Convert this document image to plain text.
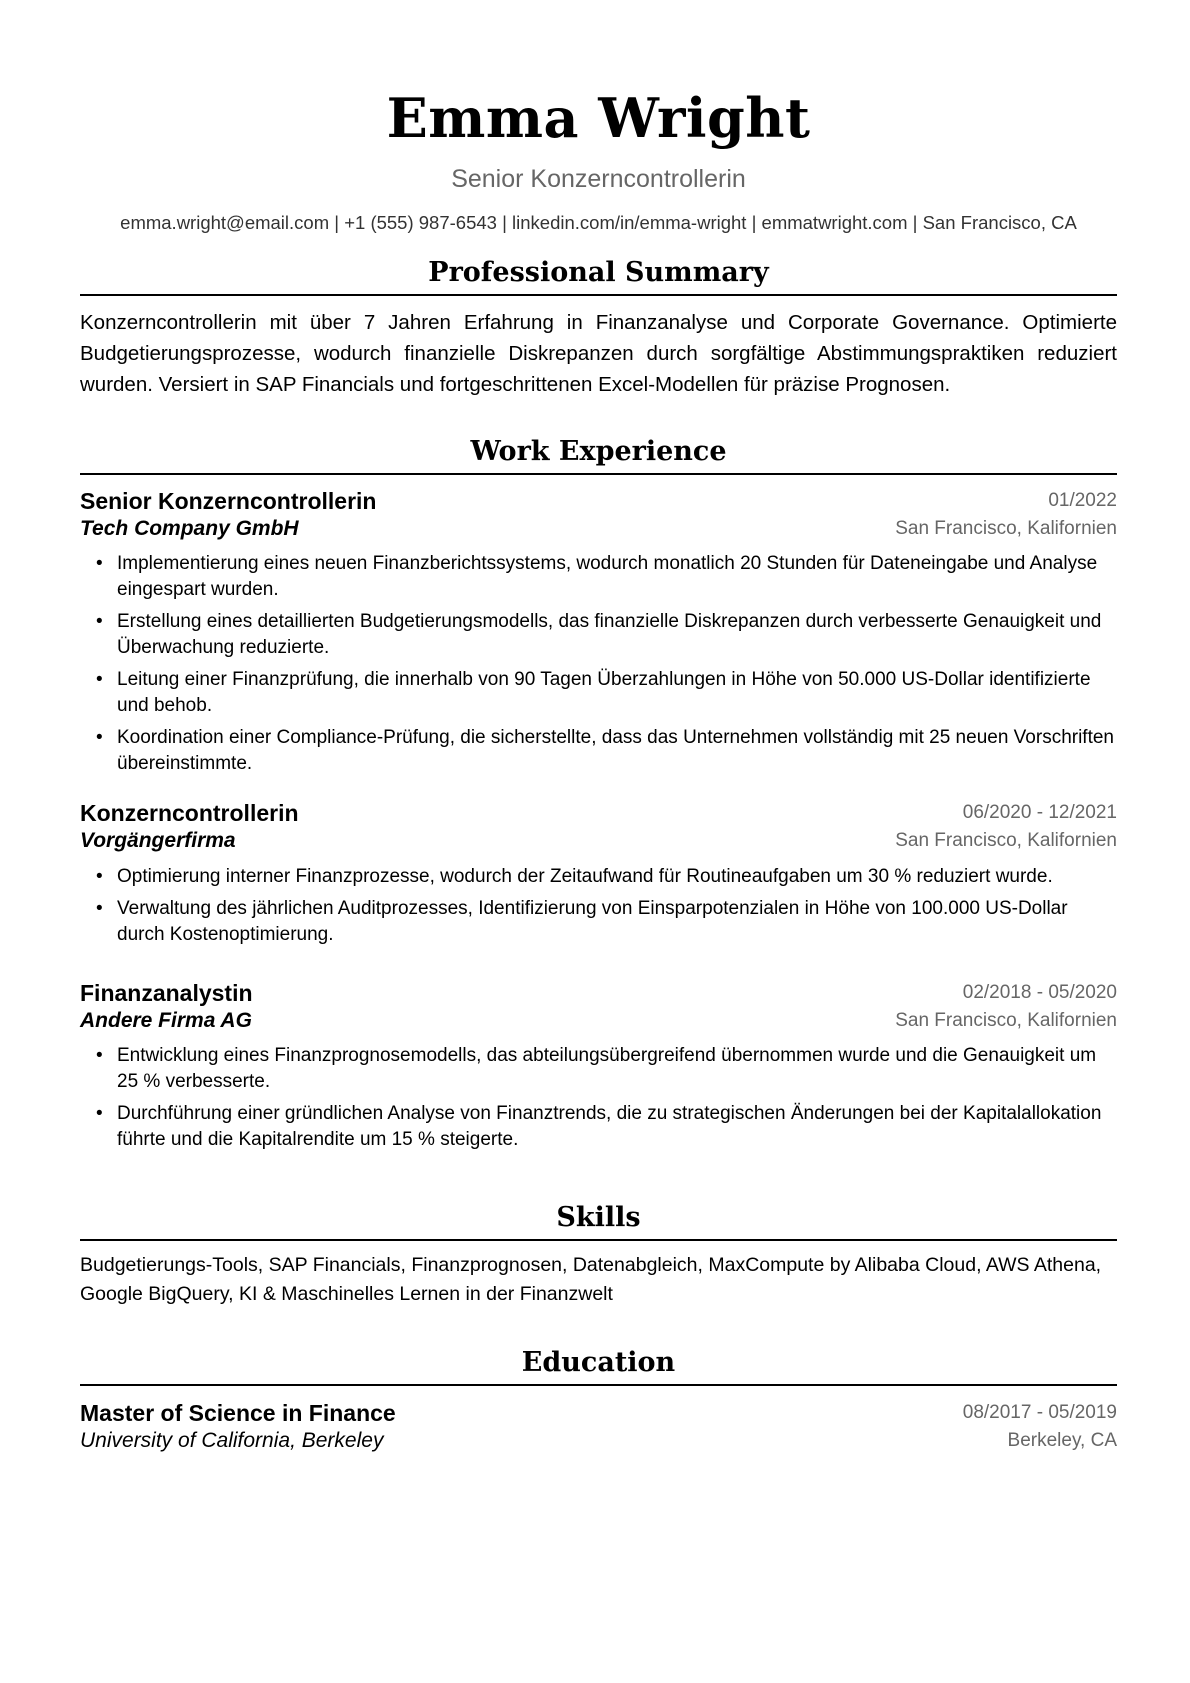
Emma Wright
Senior Konzerncontrollerin
emma.wright@email.com | +1 (555) 987-6543 | linkedin.com/in/emma-wright | emmatwright.com | San Francisco, CA
Professional Summary
Konzerncontrollerin mit über 7 Jahren Erfahrung in Finanzanalyse und Corporate Governance. Optimierte Budgetierungsprozesse, wodurch finanzielle Diskrepanzen durch sorgfältige Abstimmungspraktiken reduziert wurden. Versiert in SAP Financials und fortgeschrittenen Excel-Modellen für präzise Prognosen.
Work Experience
Senior Konzerncontrollerin	01/2022
Tech Company GmbH	San Francisco, Kalifornien
• Implementierung eines neuen Finanzberichtssystems, wodurch monatlich 20 Stunden für Dateneingabe und Analyse eingespart wurden.
• Erstellung eines detaillierten Budgetierungsmodells, das finanzielle Diskrepanzen durch verbesserte Genauigkeit und Überwachung reduzierte.
• Leitung einer Finanzprüfung, die innerhalb von 90 Tagen Überzahlungen in Höhe von 50.000 US-Dollar identifizierte und behob.
• Koordination einer Compliance-Prüfung, die sicherstellte, dass das Unternehmen vollständig mit 25 neuen Vorschriften übereinstimmte.
Konzerncontrollerin	06/2020 - 12/2021
Vorgängerfirma	San Francisco, Kalifornien
• Optimierung interner Finanzprozesse, wodurch der Zeitaufwand für Routineaufgaben um 30 % reduziert wurde.
• Verwaltung des jährlichen Auditprozesses, Identifizierung von Einsparpotenzialen in Höhe von 100.000 US-Dollar durch Kostenoptimierung.
Finanzanalystin	02/2018 - 05/2020
Andere Firma AG	San Francisco, Kalifornien
• Entwicklung eines Finanzprognosemodells, das abteilungsübergreifend übernommen wurde und die Genauigkeit um 25 % verbesserte.
• Durchführung einer gründlichen Analyse von Finanztrends, die zu strategischen Änderungen bei der Kapitalallokation führte und die Kapitalrendite um 15 % steigerte.
Skills
Budgetierungs-Tools, SAP Financials, Finanzprognosen, Datenabgleich, MaxCompute by Alibaba Cloud, AWS Athena, Google BigQuery, KI & Maschinelles Lernen in der Finanzwelt
Education
Master of Science in Finance	08/2017 - 05/2019
University of California, Berkeley	Berkeley, CA
